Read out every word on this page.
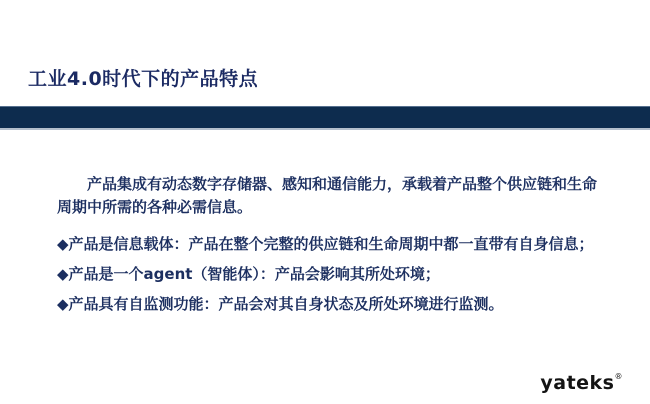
工业4.0时代下的产品特点

产品集成有动态数字存储器、感知和通信能力，承载着产品整个供应链和生命周期中所需的各种必需信息。

◆产品是信息载体：产品在整个完整的供应链和生命周期中都一直带有自身信息；
◆产品是一个agent（智能体）：产品会影响其所处环境；
◆产品具有自监测功能：产品会对其自身状态及所处环境进行监测。
yateks®
